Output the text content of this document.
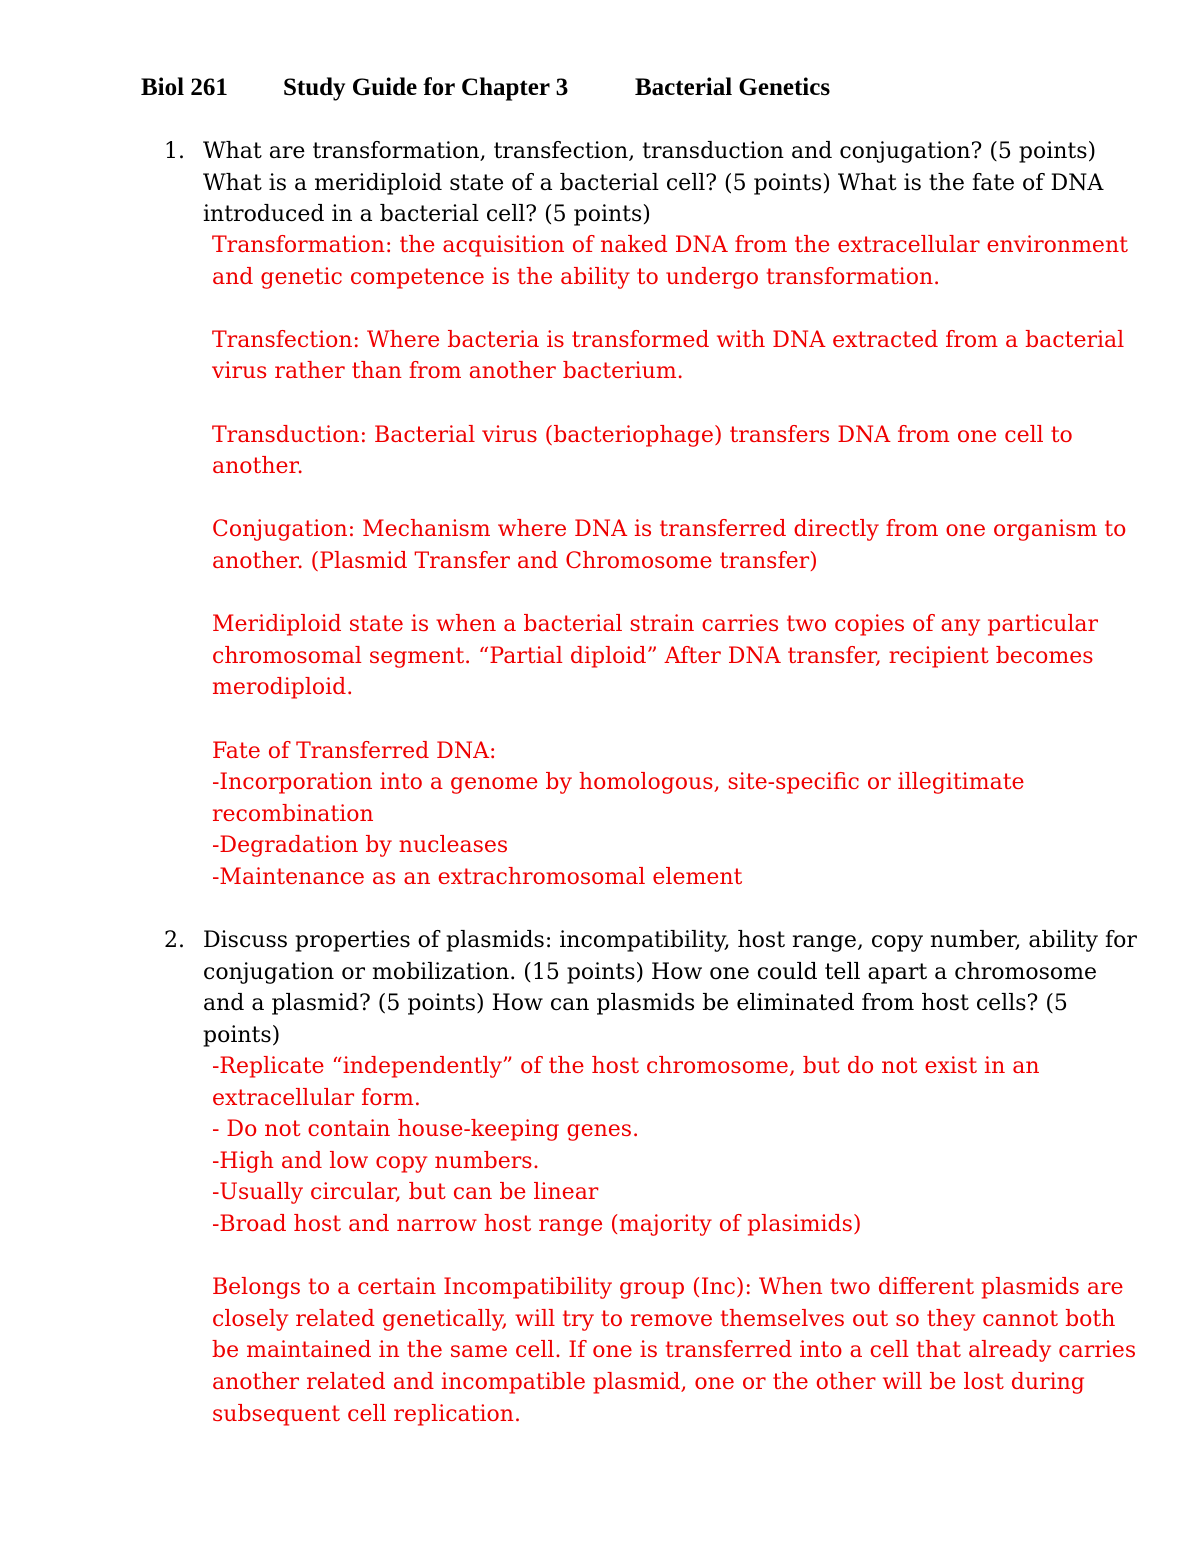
Biol 261 Study Guide for Chapter 3	Bacterial Genetics
1. What are transformation, transfection, transduction and conjugation? (5 points)
What is a meridiploid state of a bacterial cell? (5 points) What is the fate of DNA
introduced in a bacterial cell? (5 points)
Transformation: the acquisition of naked DNA from the extracellular environment
and genetic competence is the ability to undergo transformation.
Transfection: Where bacteria is transformed with DNA extracted from a bacterial
virus rather than from another bacterium.
Transduction: Bacterial virus (bacteriophage) transfers DNA from one cell to
another.
Conjugation: Mechanism where DNA is transferred directly from one organism to
another. (Plasmid Transfer and Chromosome transfer)
Meridiploid state is when a bacterial strain carries two copies of any particular
chromosomal segment. “Partial diploid” After DNA transfer, recipient becomes
merodiploid.
Fate of Transferred DNA:
-Incorporation into a genome by homologous, site-specific or illegitimate
recombination
-Degradation by nucleases
-Maintenance as an extrachromosomal element
2. Discuss properties of plasmids: incompatibility, host range, copy number, ability for
conjugation or mobilization. (15 points) How one could tell apart a chromosome
and a plasmid? (5 points) How can plasmids be eliminated from host cells? (5
points)
-Replicate “independently” of the host chromosome, but do not exist in an
extracellular form.
- Do not contain house-keeping genes.
-High and low copy numbers.
-Usually circular, but can be linear
-Broad host and narrow host range (majority of plasimids)
Belongs to a certain Incompatibility group (Inc): When two different plasmids are
closely related genetically, will try to remove themselves out so they cannot both
be maintained in the same cell. If one is transferred into a cell that already carries
another related and incompatible plasmid, one or the other will be lost during
subsequent cell replication.
